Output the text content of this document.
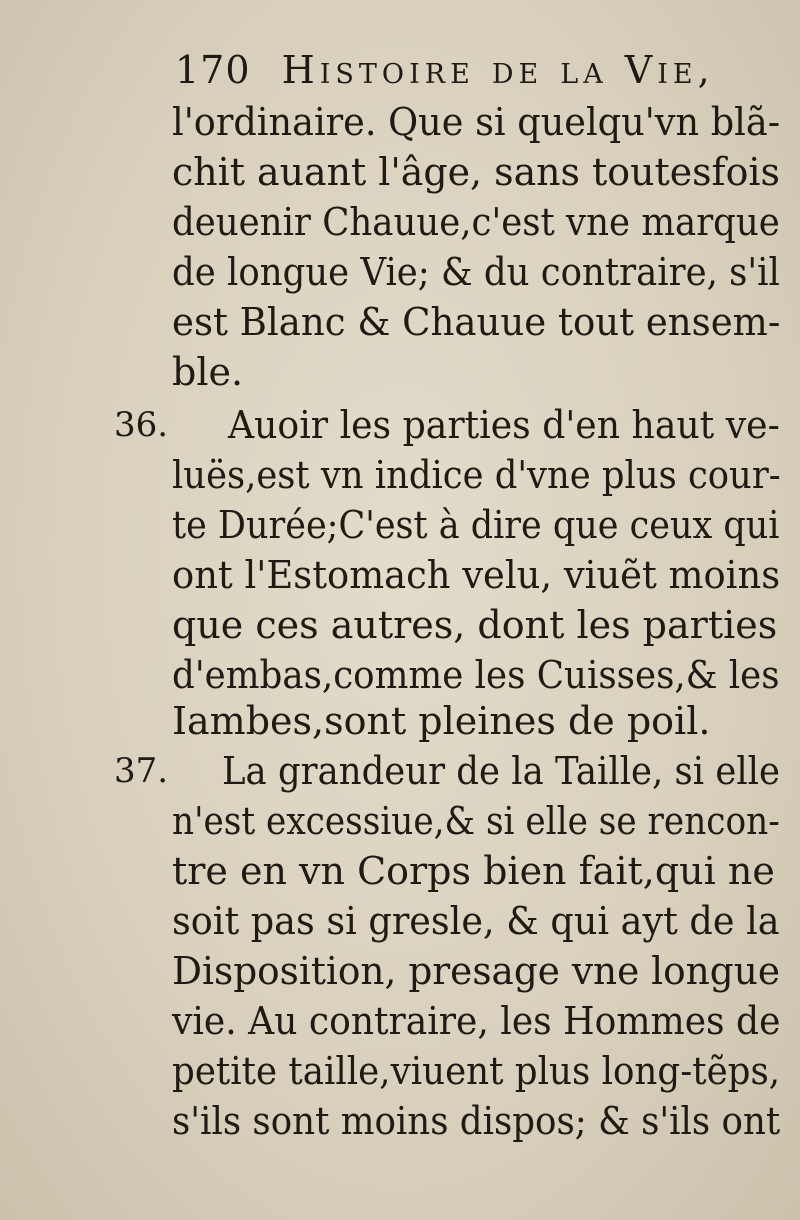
170 Histoire de la Vie,
36.
37.
l'ordinaire. Que si quelqu'vn blã-
chit auant l'âge, sans toutesfois
deuenir Chauue,c'est vne marque
de longue Vie; & du contraire, s'il
est Blanc & Chauue tout ensem-
ble.
Auoir les parties d'en haut ve-
luës,est vn indice d'vne plus cour-
te Durée;C'est à dire que ceux qui
ont l'Estomach velu, viuẽt moins
que ces autres, dont les parties
d'embas,comme les Cuisses,& les
Iambes,sont pleines de poil.
La grandeur de la Taille, si elle
n'est excessiue,& si elle se rencon-
tre en vn Corps bien fait,qui ne
soit pas si gresle, & qui ayt de la
Disposition, presage vne longue
vie. Au contraire, les Hommes de
petite taille,viuent plus long-tẽps,
s'ils sont moins dispos; & s'ils ont
